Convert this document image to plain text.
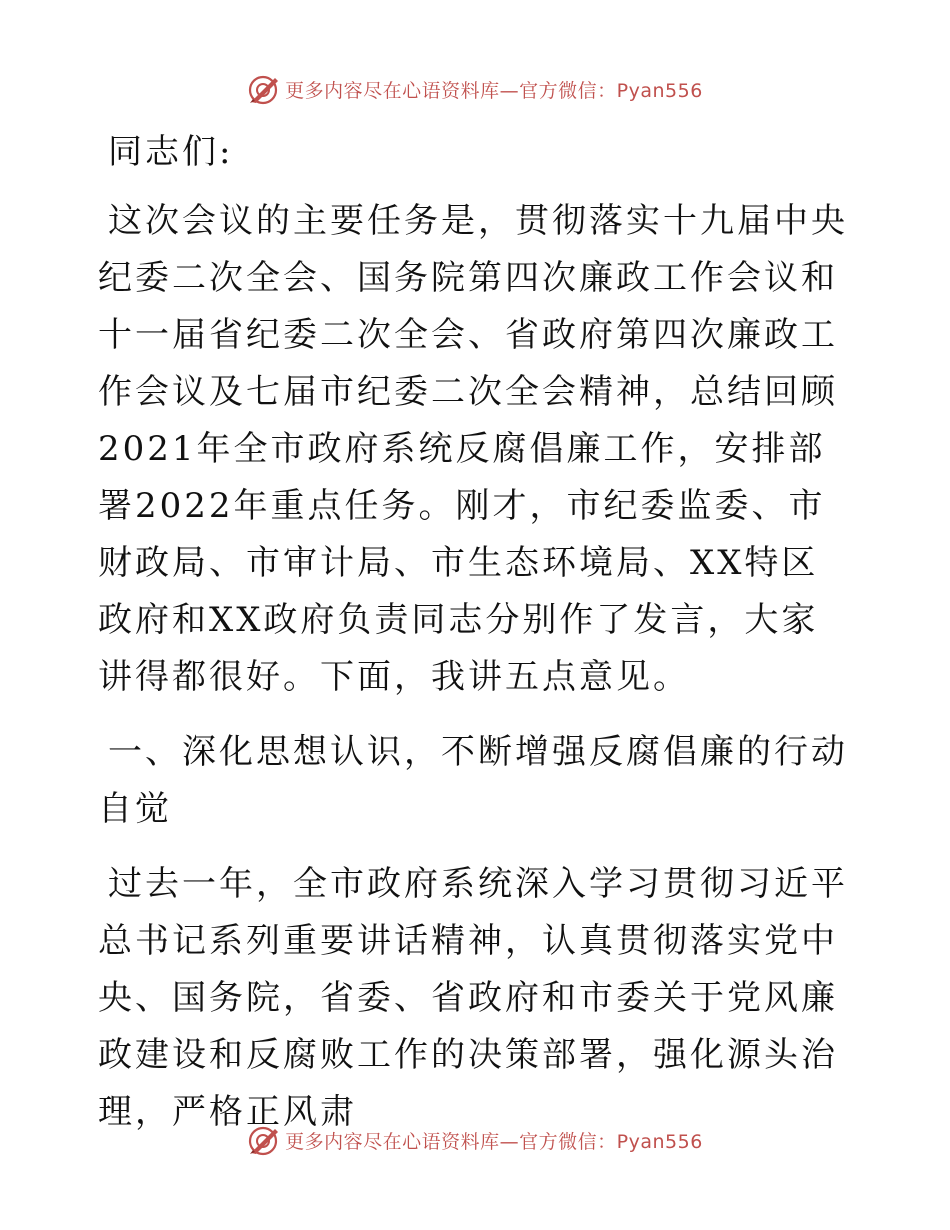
更多内容尽在心语资料库—官方微信：Pyan556

同志们:

这次会议的主要任务是，贯彻落实十九届中央纪委二次全会、国务院第四次廉政工作会议和十一届省纪委二次全会、省政府第四次廉政工作会议及七届市纪委二次全会精神，总结回顾2021年全市政府系统反腐倡廉工作，安排部署2022年重点任务。刚才，市纪委监委、市财政局、市审计局、市生态环境局、XX特区政府和XX政府负责同志分别作了发言，大家讲得都很好。下面，我讲五点意见。

一、深化思想认识，不断增强反腐倡廉的行动自觉

过去一年，全市政府系统深入学习贯彻习近平总书记系列重要讲话精神，认真贯彻落实党中央、国务院，省委、省政府和市委关于党风廉政建设和反腐败工作的决策部署，强化源头治理，严格正风肃

更多内容尽在心语资料库—官方微信：Pyan556
